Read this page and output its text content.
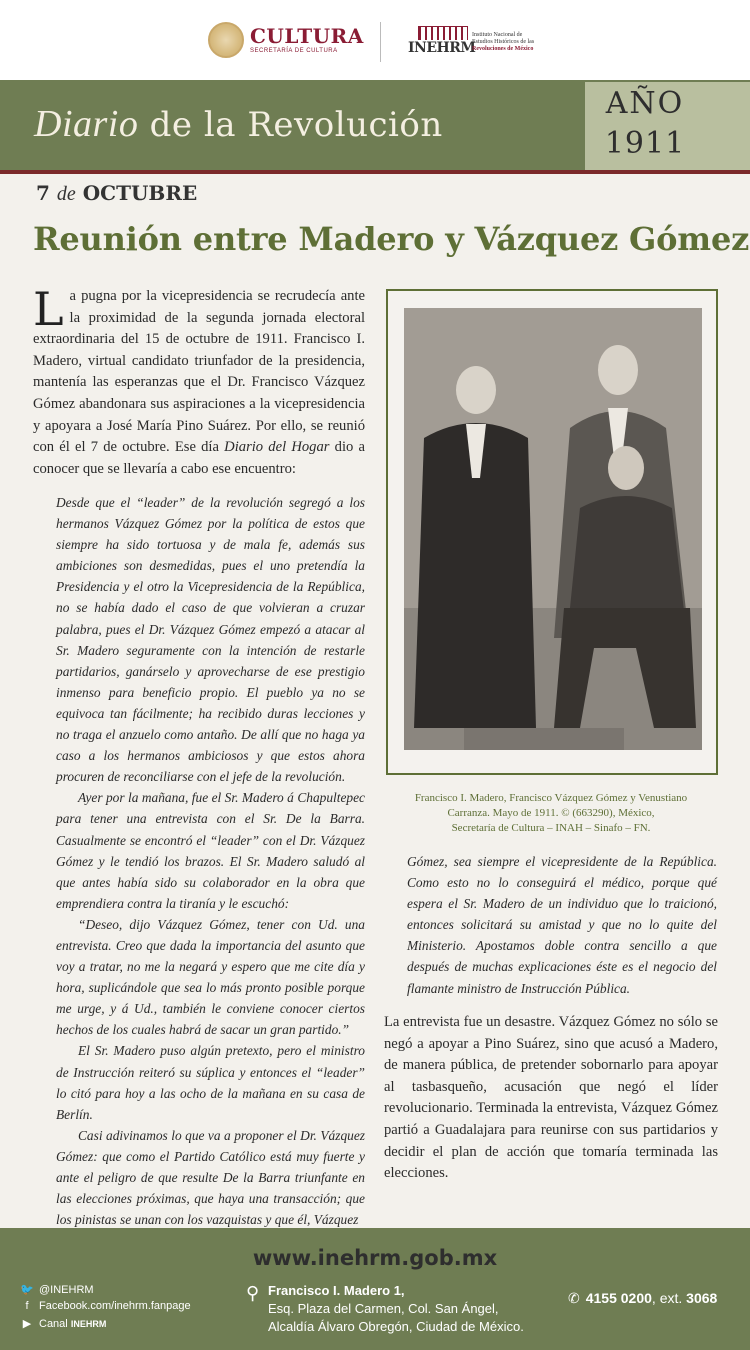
CULTURA
SECRETARÍA DE CULTURA	INEHRM
Instituto Nacional de
Estudios Históricos de las
Revoluciones de México
Diario de la Revolución
AÑO
1911
7 de OCTUBRE
Reunión entre Madero y Vázquez Gómez

La pugna por la vicepresidencia se recrudecía ante la proximidad de la segunda jornada electoral extraordinaria del 15 de octubre de 1911. Francisco I. Madero, virtual candidato triunfador de la presidencia, mantenía las esperanzas que el Dr. Francisco Vázquez Gómez abandonara sus aspiraciones a la vicepresidencia y apoyara a José María Pino Suárez. Por ello, se reunió con él el 7 de octubre. Ese día Diario del Hogar dio a conocer que se llevaría a cabo ese encuentro:

Desde que el “leader” de la revolución segregó a los hermanos Vázquez Gómez por la política de estos que siempre ha sido tortuosa y de mala fe, además sus ambiciones son desmedidas, pues el uno pretendía la Presidencia y el otro la Vicepresidencia de la República, no se había dado el caso de que volvieran a cruzar palabra, pues el Dr. Vázquez Gómez empezó a atacar al Sr. Madero seguramente con la intención de restarle partidarios, ganárselo y aprovecharse de ese prestigio inmenso para beneficio propio. El pueblo ya no se equivoca tan fácilmente; ha recibido duras lecciones y no traga el anzuelo como antaño. De allí que no haga ya caso a los hermanos ambiciosos y que estos ahora procuren de reconciliarse con el jefe de la revolución.

Ayer por la mañana, fue el Sr. Madero á Chapultepec para tener una entrevista con el Sr. De la Barra. Casualmente se encontró el “leader” con el Dr. Vázquez Gómez y le tendió los brazos. El Sr. Madero saludó al que antes había sido su colaborador en la obra que emprendiera contra la tiranía y le escuchó:

“Deseo, dijo Vázquez Gómez, tener con Ud. una entrevista. Creo que dada la importancia del asunto que voy a tratar, no me la negará y espero que me cite día y hora, suplicándole que sea lo más pronto posible porque me urge, y á Ud., también le conviene conocer ciertos hechos de los cuales habrá de sacar un gran partido.”

El Sr. Madero puso algún pretexto, pero el ministro de Instrucción reiteró su súplica y entonces el “leader” lo citó para hoy a las ocho de la mañana en su casa de Berlín.

Casi adivinamos lo que va a proponer el Dr. Vázquez Gómez: que como el Partido Católico está muy fuerte y ante el peligro de que resulte De la Barra triunfante en las elecciones próximas, que haya una transacción; que los pinistas se unan con los vazquistas y que él, Vázquez

Francisco I. Madero, Francisco Vázquez Gómez y Venustiano
Carranza. Mayo de 1911. © (663290), México,
Secretaría de Cultura – INAH – Sinafo – FN.

Gómez, sea siempre el vicepresidente de la República. Como esto no lo conseguirá el médico, porque qué espera el Sr. Madero de un individuo que lo traicionó, entonces solicitará su amistad y que no lo quite del Ministerio. Apostamos doble contra sencillo a que después de muchas explicaciones éste es el negocio del flamante ministro de Instrucción Pública.

La entrevista fue un desastre. Vázquez Gómez no sólo se negó a apoyar a Pino Suárez, sino que acusó a Madero, de manera pública, de pretender sobornarlo para apoyar al tasbasqueño, acusación que negó el líder revolucionario. Terminada la entrevista, Vázquez Gómez partió a Guadalajara para reunirse con sus partidarios y decidir el plan de acción que tomaría terminada las elecciones.

www.inehrm.gob.mx
🐦 @INEHRM
f Facebook.com/inehrm.fanpage
▶ Canal INEHRM
⚲ Francisco I. Madero 1,
Esq. Plaza del Carmen, Col. San Ángel,
Alcaldía Álvaro Obregón, Ciudad de México.
✆ 4155 0200, ext. 3068
